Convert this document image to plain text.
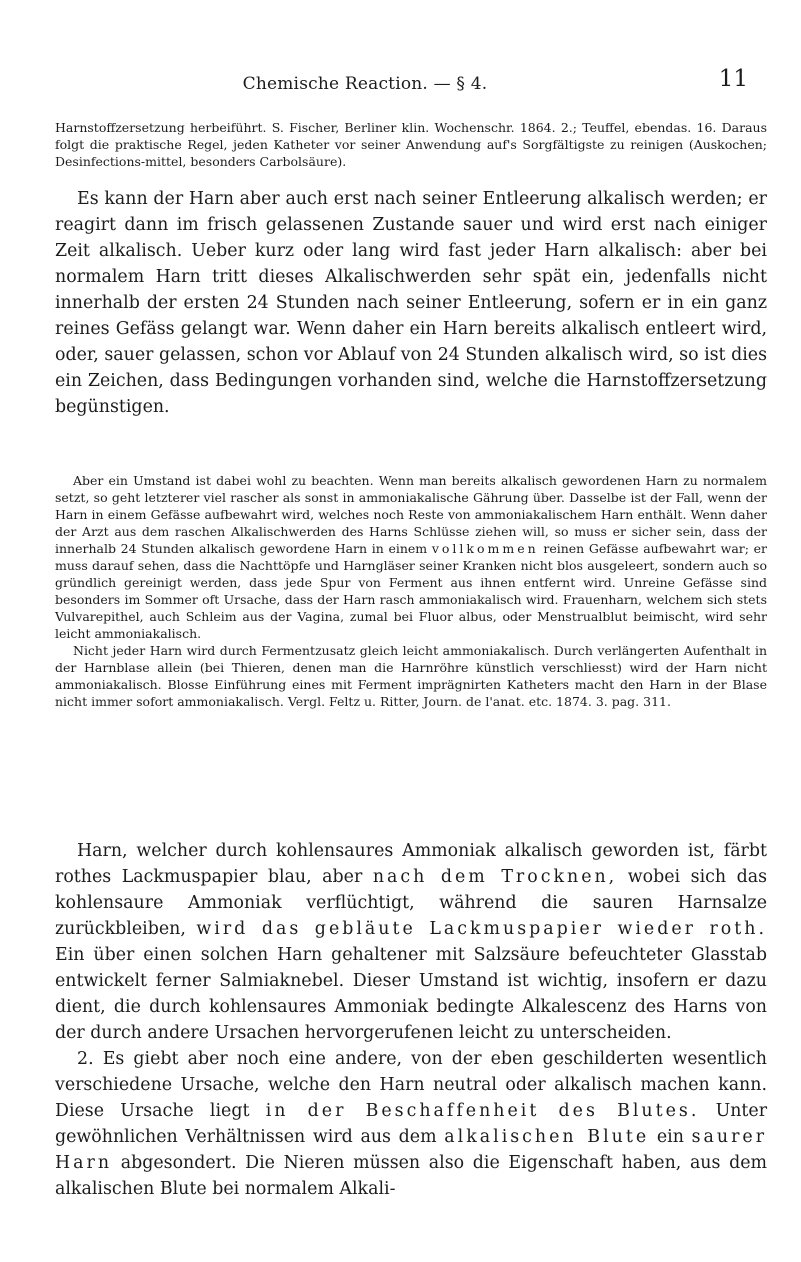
Chemische Reaction. — § 4.	11

Harnstoffzersetzung herbeiführt. S. Fischer, Berliner klin. Wochenschr. 1864. 2.; Teuffel, ebendas. 16. Daraus folgt die praktische Regel, jeden Katheter vor seiner Anwendung auf's Sorgfältigste zu reinigen (Auskochen; Desinfections-mittel, besonders Carbolsäure).

Es kann der Harn aber auch erst nach seiner Entleerung alkalisch werden; er reagirt dann im frisch gelassenen Zustande sauer und wird erst nach einiger Zeit alkalisch. Ueber kurz oder lang wird fast jeder Harn alkalisch: aber bei normalem Harn tritt dieses Alkalischwerden sehr spät ein, jedenfalls nicht innerhalb der ersten 24 Stunden nach seiner Entleerung, sofern er in ein ganz reines Gefäss gelangt war. Wenn daher ein Harn bereits alkalisch entleert wird, oder, sauer gelassen, schon vor Ablauf von 24 Stunden alkalisch wird, so ist dies ein Zeichen, dass Bedingungen vorhanden sind, welche die Harnstoffzersetzung begünstigen.

Aber ein Umstand ist dabei wohl zu beachten. Wenn man bereits alkalisch gewordenen Harn zu normalem setzt, so geht letzterer viel rascher als sonst in ammoniakalische Gährung über. Dasselbe ist der Fall, wenn der Harn in einem Gefässe aufbewahrt wird, welches noch Reste von ammoniakalischem Harn enthält. Wenn daher der Arzt aus dem raschen Alkalischwerden des Harns Schlüsse ziehen will, so muss er sicher sein, dass der innerhalb 24 Stunden alkalisch gewordene Harn in einem vollkommen reinen Gefässe aufbewahrt war; er muss darauf sehen, dass die Nachttöpfe und Harngläser seiner Kranken nicht blos ausgeleert, sondern auch so gründlich gereinigt werden, dass jede Spur von Ferment aus ihnen entfernt wird. Unreine Gefässe sind besonders im Sommer oft Ursache, dass der Harn rasch ammoniakalisch wird. Frauenharn, welchem sich stets Vulvarepithel, auch Schleim aus der Vagina, zumal bei Fluor albus, oder Menstrualblut beimischt, wird sehr leicht ammoniakalisch.

Nicht jeder Harn wird durch Fermentzusatz gleich leicht ammoniakalisch. Durch verlängerten Aufenthalt in der Harnblase allein (bei Thieren, denen man die Harnröhre künstlich verschliesst) wird der Harn nicht ammoniakalisch. Blosse Einführung eines mit Ferment imprägnirten Katheters macht den Harn in der Blase nicht immer sofort ammoniakalisch. Vergl. Feltz u. Ritter, Journ. de l'anat. etc. 1874. 3. pag. 311.

Harn, welcher durch kohlensaures Ammoniak alkalisch geworden ist, färbt rothes Lackmuspapier blau, aber nach dem Trocknen, wobei sich das kohlensaure Ammoniak verflüchtigt, während die sauren Harnsalze zurückbleiben, wird das gebläute Lackmuspapier wieder roth. Ein über einen solchen Harn gehaltener mit Salzsäure befeuchteter Glasstab entwickelt ferner Salmiaknebel. Dieser Umstand ist wichtig, insofern er dazu dient, die durch kohlensaures Ammoniak bedingte Alkalescenz des Harns von der durch andere Ursachen hervorgerufenen leicht zu unterscheiden.

2. Es giebt aber noch eine andere, von der eben geschilderten wesentlich verschiedene Ursache, welche den Harn neutral oder alkalisch machen kann. Diese Ursache liegt in der Beschaffenheit des Blutes. Unter gewöhnlichen Verhältnissen wird aus dem alkalischen Blute ein saurer Harn abgesondert. Die Nieren müssen also die Eigenschaft haben, aus dem alkalischen Blute bei normalem Alkali-
